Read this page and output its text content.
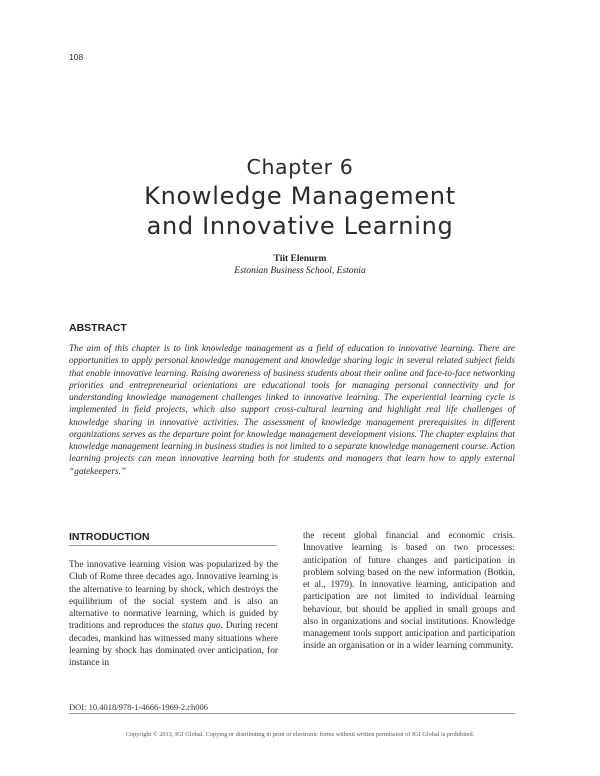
108
Chapter 6
Knowledge Management
and Innovative Learning
Tiit Elenurm
Estonian Business School, Estonia
ABSTRACT

The aim of this chapter is to link knowledge management as a field of education to innovative learning. There are opportunities to apply personal knowledge management and knowledge sharing logic in several related subject fields that enable innovative learning. Raising awareness of business students about their online and face-to-face networking priorities and entrepreneurial orientations are educational tools for managing personal connectivity and for understanding knowledge management challenges linked to innovative learning. The experiential learning cycle is implemented in field projects, which also support cross-cultural learning and highlight real life challenges of knowledge sharing in innovative activities. The assessment of knowledge management prerequisites in different organizations serves as the departure point for knowledge management development visions. The chapter explains that knowledge management learning in business studies is not limited to a separate knowledge management course. Action learning projects can mean innovative learning both for students and managers that learn how to apply external “gatekeepers.”

INTRODUCTION

The innovative learning vision was popularized by the Club of Rome three decades ago. Innovative learning is the alternative to learning by shock, which destroys the equilibrium of the social system and is also an alternative to normative learning, which is guided by traditions and reproduces the status quo. During recent decades, mankind has witnessed many situations where learning by shock has dominated over anticipation, for instance in

the recent global financial and economic crisis. Innovative learning is based on two processes: anticipation of future changes and participation in problem solving based on the new information (Botkin, et al., 1979). In innovative learning, anticipation and participation are not limited to individual learning behaviour, but should be applied in small groups and also in organizations and social institutions. Knowledge management tools support anticipation and participation inside an organisation or in a wider learning community.

DOI: 10.4018/978-1-4666-1969-2.ch006
Copyright © 2013, IGI Global. Copying or distributing in print or electronic forms without written permission of IGI Global is prohibited.
